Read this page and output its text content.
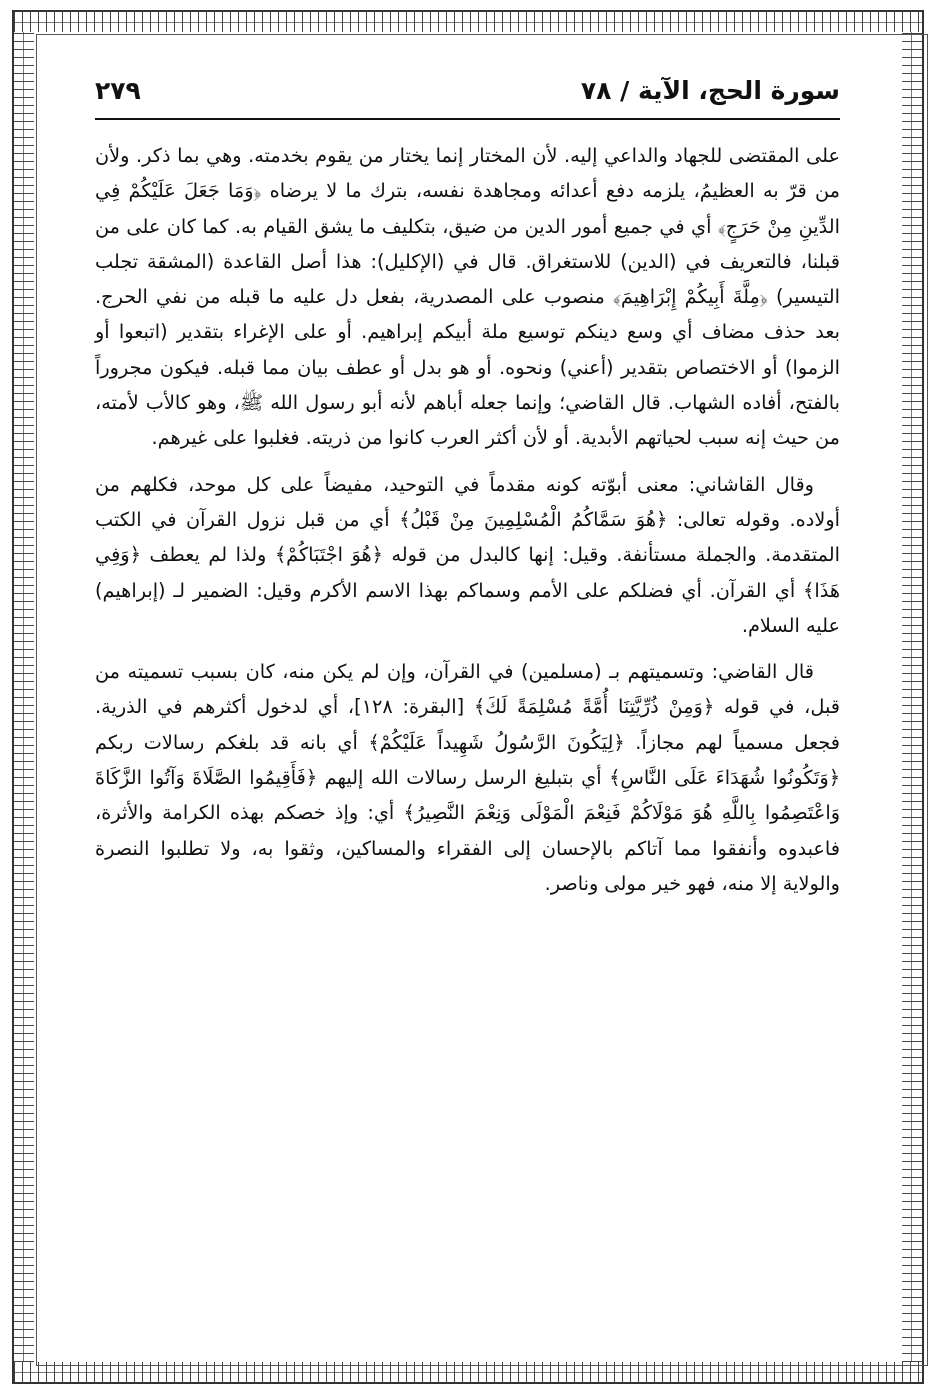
سورة الحج، الآية / ٧٨
٢٧٩

على المقتضى للجهاد والداعي إليه. لأن المختار إنما يختار من يقوم بخدمته. وهي بما ذكر. ولأن من قرّ به العظيمُ، يلزمه دفع أعدائه ومجاهدة نفسه، بترك ما لا يرضاه ﴿وَمَا جَعَلَ عَلَيْكُمْ فِي الدِّينِ مِنْ حَرَجٍ﴾ أي في جميع أمور الدين من ضيق، بتكليف ما يشق القيام به. كما كان على من قبلنا، فالتعريف في (الدين) للاستغراق. قال في (الإكليل): هذا أصل القاعدة (المشقة تجلب التيسير) ﴿مِلَّةَ أَبِيكُمْ إِبْرَاهِيمَ﴾ منصوب على المصدرية، بفعل دل عليه ما قبله من نفي الحرج. بعد حذف مضاف أي وسع دينكم توسيع ملة أبيكم إبراهيم. أو على الإغراء بتقدير (اتبعوا أو الزموا) أو الاختصاص بتقدير (أعني) ونحوه. أو هو بدل أو عطف بيان مما قبله. فيكون مجروراً بالفتح، أفاده الشهاب. قال القاضي؛ وإنما جعله أباهم لأنه أبو رسول الله ﷺ، وهو كالأب لأمته، من حيث إنه سبب لحياتهم الأبدية. أو لأن أكثر العرب كانوا من ذريته. فغلبوا على غيرهم.

وقال القاشاني: معنى أبوّته كونه مقدماً في التوحيد، مفيضاً على كل موحد، فكلهم من أولاده. وقوله تعالى: ﴿هُوَ سَمَّاكُمُ الْمُسْلِمِينَ مِنْ قَبْلُ﴾ أي من قبل نزول القرآن في الكتب المتقدمة. والجملة مستأنفة. وقيل: إنها كالبدل من قوله ﴿هُوَ اجْتَبَاكُمْ﴾ ولذا لم يعطف ﴿وَفِي هَذَا﴾ أي القرآن. أي فضلكم على الأمم وسماكم بهذا الاسم الأكرم وقيل: الضمير لـ (إبراهيم) عليه السلام.

قال القاضي: وتسميتهم بـ (مسلمين) في القرآن، وإن لم يكن منه، كان بسبب تسميته من قبل، في قوله ﴿وَمِنْ ذُرِّيَّتِنَا أُمَّةً مُسْلِمَةً لَكَ﴾ [البقرة: ١٢٨]، أي لدخول أكثرهم في الذرية. فجعل مسمياً لهم مجازاً. ﴿لِيَكُونَ الرَّسُولُ شَهِيداً عَلَيْكُمْ﴾ أي بانه قد بلغكم رسالات ربكم ﴿وَتَكُونُوا شُهَدَاءَ عَلَى النَّاسِ﴾ أي بتبليغ الرسل رسالات الله إليهم ﴿فَأَقِيمُوا الصَّلَاةَ وَآتُوا الزَّكَاةَ وَاعْتَصِمُوا بِاللَّهِ هُوَ مَوْلَاكُمْ فَنِعْمَ الْمَوْلَى وَنِعْمَ النَّصِيرُ﴾ أي: وإذ خصكم بهذه الكرامة والأثرة، فاعبدوه وأنفقوا مما آتاكم بالإحسان إلى الفقراء والمساكين، وثقوا به، ولا تطلبوا النصرة والولاية إلا منه، فهو خير مولى وناصر.
